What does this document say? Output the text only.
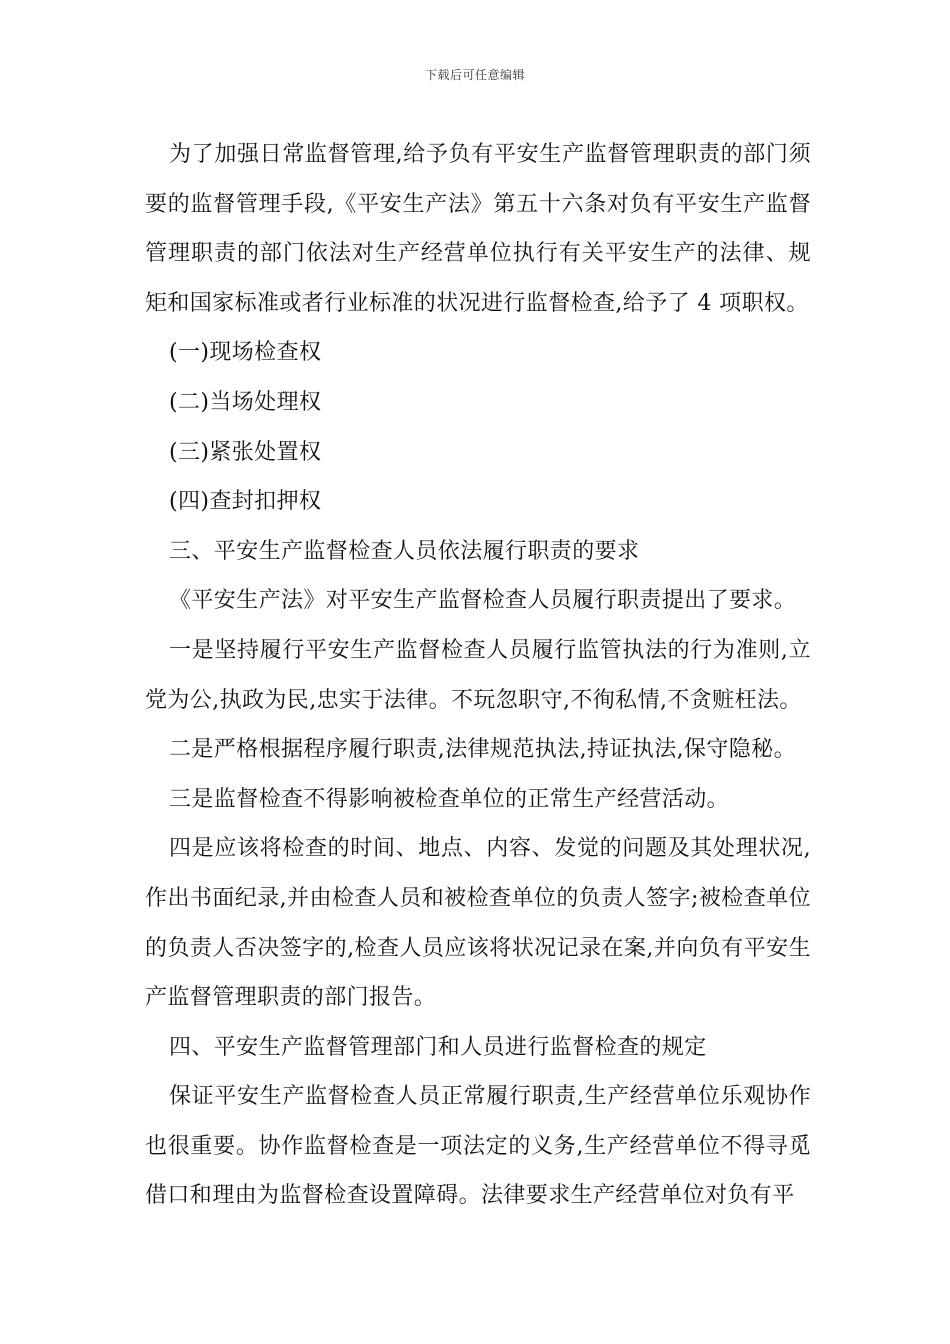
下载后可任意编辑

为了加强日常监督管理,给予负有平安生产监督管理职责的部门须要的监督管理手段,《平安生产法》第五十六条对负有平安生产监督管理职责的部门依法对生产经营单位执行有关平安生产的法律、规矩和国家标准或者行业标准的状况进行监督检查,给予了 4 项职权。

(一)现场检查权

(二)当场处理权

(三)紧张处置权

(四)查封扣押权

三、平安生产监督检查人员依法履行职责的要求

《平安生产法》对平安生产监督检查人员履行职责提出了要求。

一是坚持履行平安生产监督检查人员履行监管执法的行为准则,立党为公,执政为民,忠实于法律。不玩忽职守,不徇私情,不贪赃枉法。

二是严格根据程序履行职责,法律规范执法,持证执法,保守隐秘。

三是监督检查不得影响被检查单位的正常生产经营活动。

四是应该将检查的时间、地点、内容、发觉的问题及其处理状况,作出书面纪录,并由检查人员和被检查单位的负责人签字;被检查单位的负责人否决签字的,检查人员应该将状况记录在案,并向负有平安生产监督管理职责的部门报告。

四、平安生产监督管理部门和人员进行监督检查的规定

保证平安生产监督检查人员正常履行职责,生产经营单位乐观协作也很重要。协作监督检查是一项法定的义务,生产经营单位不得寻觅借口和理由为监督检查设置障碍。法律要求生产经营单位对负有平
